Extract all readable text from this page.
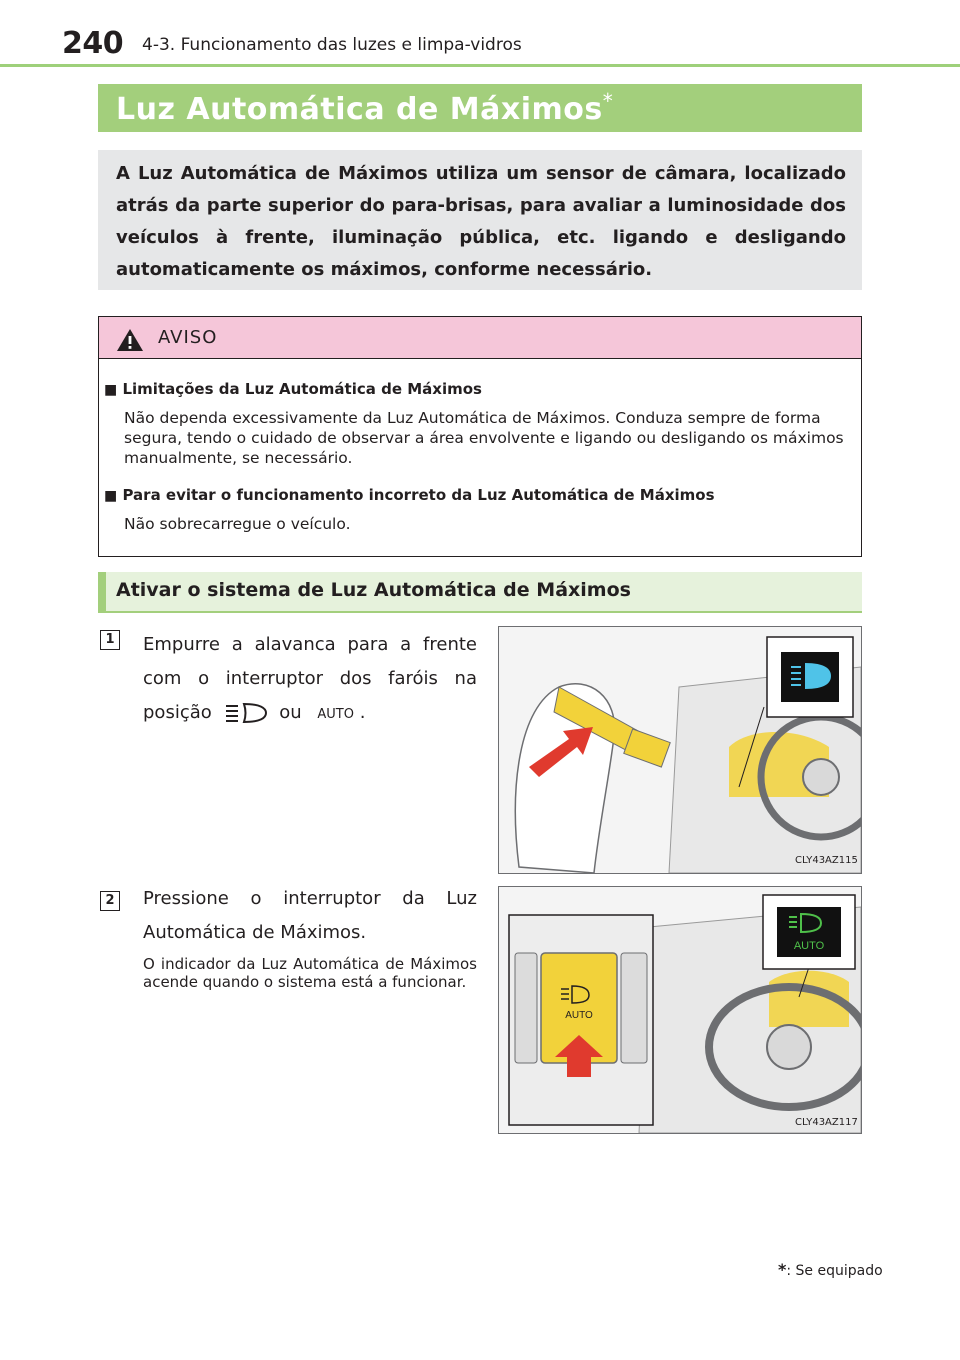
240 4-3. Funcionamento das luzes e limpa-vidros
Luz Automática de Máximos*
A Luz Automática de Máximos utiliza um sensor de câmara, localizado atrás da parte superior do para-brisas, para avaliar a luminosidade dos veículos à frente, iluminação pública, etc. ligando e desligando automaticamente os máximos, conforme necessário.
AVISO
■ Limitações da Luz Automática de Máximos
Não dependa excessivamente da Luz Automática de Máximos. Conduza sempre de forma segura, tendo o cuidado de observar a área envolvente e ligando ou desligando os máximos manualmente, se necessário.
■ Para evitar o funcionamento incorreto da Luz Automática de Máximos
Não sobrecarregue o veículo.
Ativar o sistema de Luz Automática de Máximos
1	Empurre a alavanca para a frente com o interruptor dos faróis na posição	ou AUTO .
CLY43AZ115
2	Pressione o interruptor da Luz Automática de Máximos.
O indicador da Luz Automática de Máximos acende quando o sistema está a funcionar.
AUTO
AUTO
CLY43AZ117
*: Se equipado
